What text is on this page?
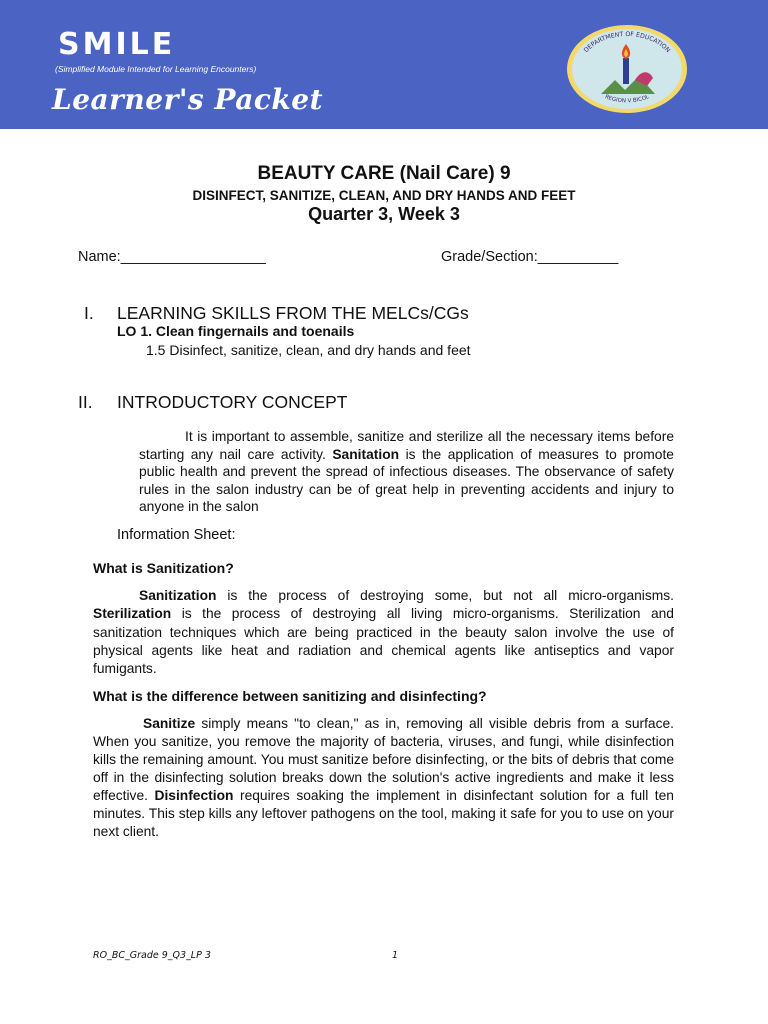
SMILE
(Simplified Module Intended for Learning Encounters)
Learner's Packet
DEPARTMENT OF EDUCATION
REGION V BICOL
BEAUTY CARE (Nail Care) 9
DISINFECT, SANITIZE, CLEAN, AND DRY HANDS AND FEET
Quarter 3, Week 3
Name:__________________	Grade/Section:__________
I. LEARNING SKILLS FROM THE MELCs/CGs
LO 1. Clean fingernails and toenails
1.5 Disinfect, sanitize, clean, and dry hands and feet
II. INTRODUCTORY CONCEPT

It is important to assemble, sanitize and sterilize all the necessary items before starting any nail care activity. Sanitation is the application of measures to promote public health and prevent the spread of infectious diseases. The observance of safety rules in the salon industry can be of great help in preventing accidents and injury to anyone in the salon

Information Sheet:
What is Sanitization?

Sanitization is the process of destroying some, but not all micro-organisms. Sterilization is the process of destroying all living micro-organisms. Sterilization and sanitization techniques which are being practiced in the beauty salon involve the use of physical agents like heat and radiation and chemical agents like antiseptics and vapor fumigants.

What is the difference between sanitizing and disinfecting?

Sanitize simply means "to clean," as in, removing all visible debris from a surface. When you sanitize, you remove the majority of bacteria, viruses, and fungi, while disinfection kills the remaining amount. You must sanitize before disinfecting, or the bits of debris that come off in the disinfecting solution breaks down the solution's active ingredients and make it less effective. Disinfection requires soaking the implement in disinfectant solution for a full ten minutes. This step kills any leftover pathogens on the tool, making it safe for you to use on your next client.

RO_BC_Grade 9_Q3_LP 3	1
